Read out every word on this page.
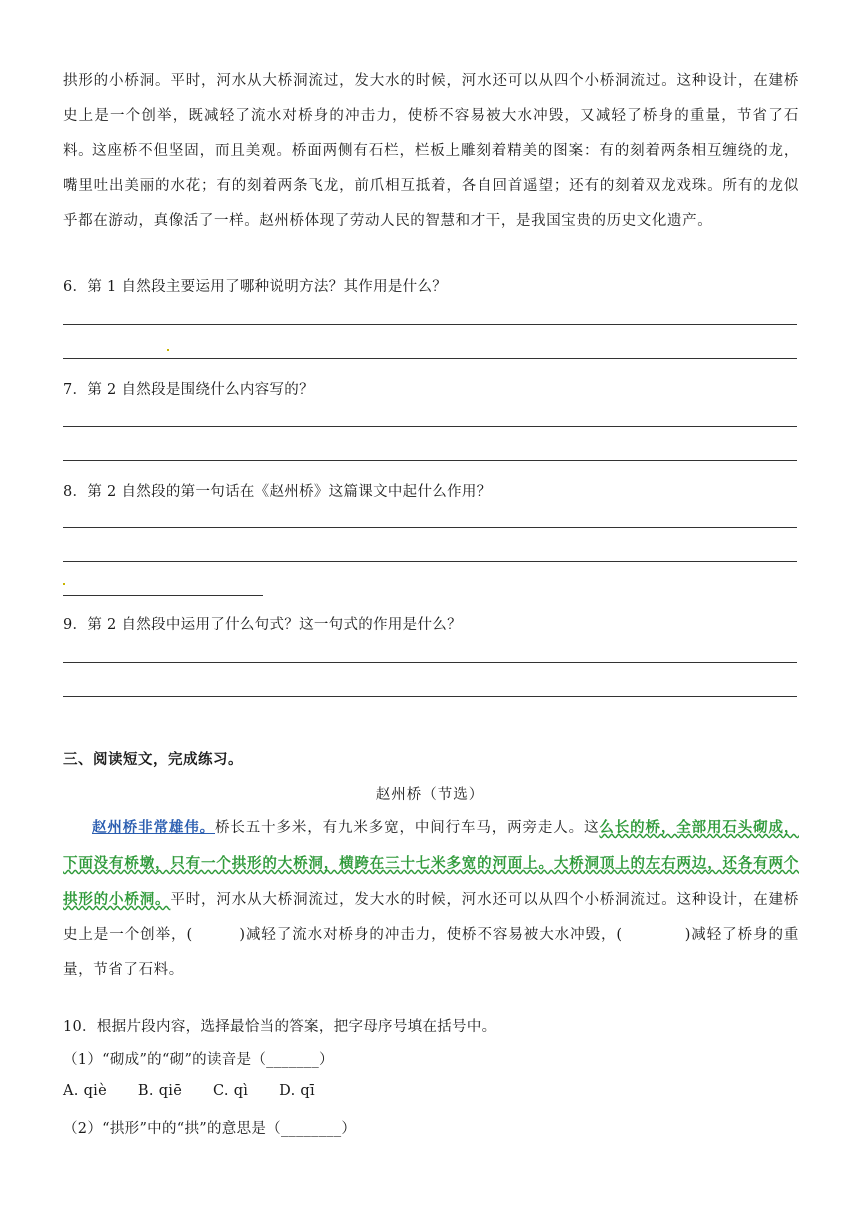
拱形的小桥洞。平时，河水从大桥洞流过，发大水的时候，河水还可以从四个小桥洞流过。这种设计，在建桥史上是一个创举，既减轻了流水对桥身的冲击力，使桥不容易被大水冲毁，又减轻了桥身的重量，节省了石料。

这座桥不但坚固，而且美观。桥面两侧有石栏，栏板上雕刻着精美的图案：有的刻着两条相互缠绕的龙，嘴里吐出美丽的水花；有的刻着两条飞龙，前爪相互抵着，各自回首遥望；还有的刻着双龙戏珠。所有的龙似乎都在游动，真像活了一样。赵州桥体现了劳动人民的智慧和才干，是我国宝贵的历史文化遗产。

6．第 1 自然段主要运用了哪种说明方法？其作用是什么？

7．第 2 自然段是围绕什么内容写的？

8．第 2 自然段的第一句话在《赵州桥》这篇课文中起什么作用？

9．第 2 自然段中运用了什么句式？这一句式的作用是什么？

三、阅读短文，完成练习。

赵州桥（节选）

赵州桥非常雄伟。桥长五十多米，有九米多宽，中间行车马，两旁走人。这么长的桥，全部用石头砌成，下面没有桥墩，只有一个拱形的大桥洞，横跨在三十七米多宽的河面上。大桥洞顶上的左右两边，还各有两个拱形的小桥洞。平时，河水从大桥洞流过，发大水的时候，河水还可以从四个小桥洞流过。这种设计，在建桥史上是一个创举，(　　　)减轻了流水对桥身的冲击力，使桥不容易被大水冲毁，(　　　　)减轻了桥身的重量，节省了石料。

10．根据片段内容，选择最恰当的答案，把字母序号填在括号中。

（1）“砌成”的“砌”的读音是（_______）

A. qiè B. qiē C. qì D. qī

（2）“拱形”中的“拱”的意思是（________）
